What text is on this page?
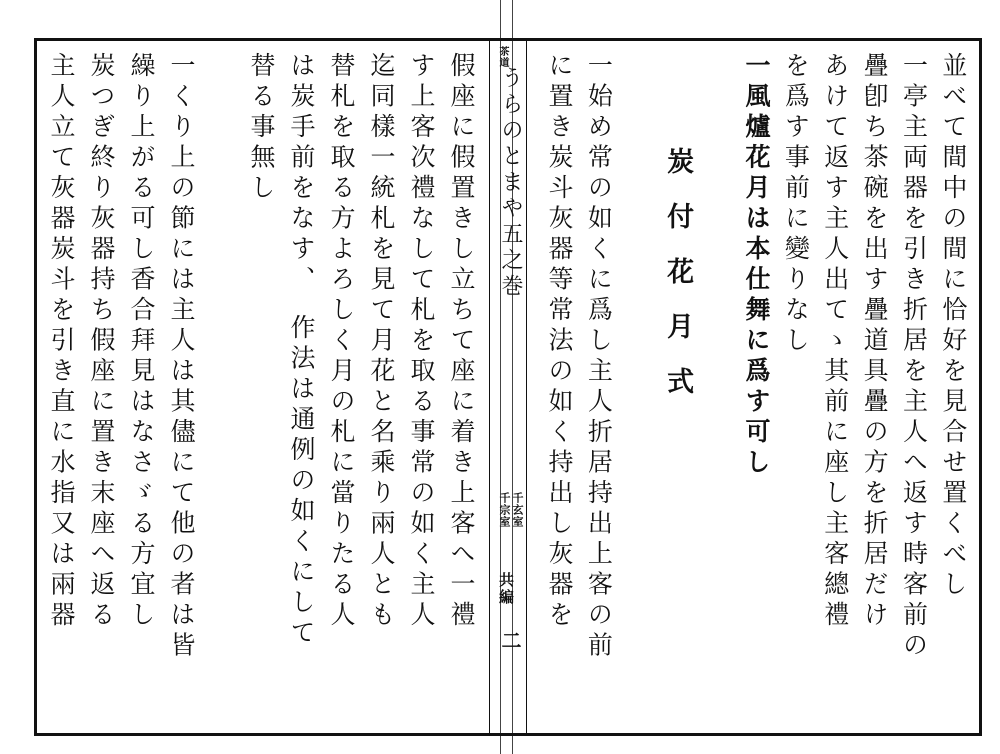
茶道
うらのとまや五之巻
千玄室
千宗室
共編
二
並べて間中の間に恰好を見合せ置くべし
一亭主両器を引き折居を主人へ返す時客前の
疊卽ち茶碗を出す疊道具疊の方を折居だけ
あけて返す主人出てゝ其前に座し主客總禮
を爲す事前に變りなし
一風爐花月は本仕舞に爲す可し
炭付花月式
一始め常の如くに爲し主人折居持出上客の前
に置き炭斗灰器等常法の如く持出し灰器を
假座に假置きし立ちて座に着き上客へ一禮
す上客次禮なして札を取る事常の如く主人
迄同樣一統札を見て月花と名乘り兩人とも
替札を取る方よろしく月の札に當りたる人
は炭手前をなす、　作法は通例の如くにして
替る事無し
一くり上の節には主人は其儘にて他の者は皆
繰り上がる可し香合拜見はなさゞる方宜し
炭つぎ終り灰器持ち假座に置き末座へ返る
主人立て灰器炭斗を引き直に水指又は兩器
